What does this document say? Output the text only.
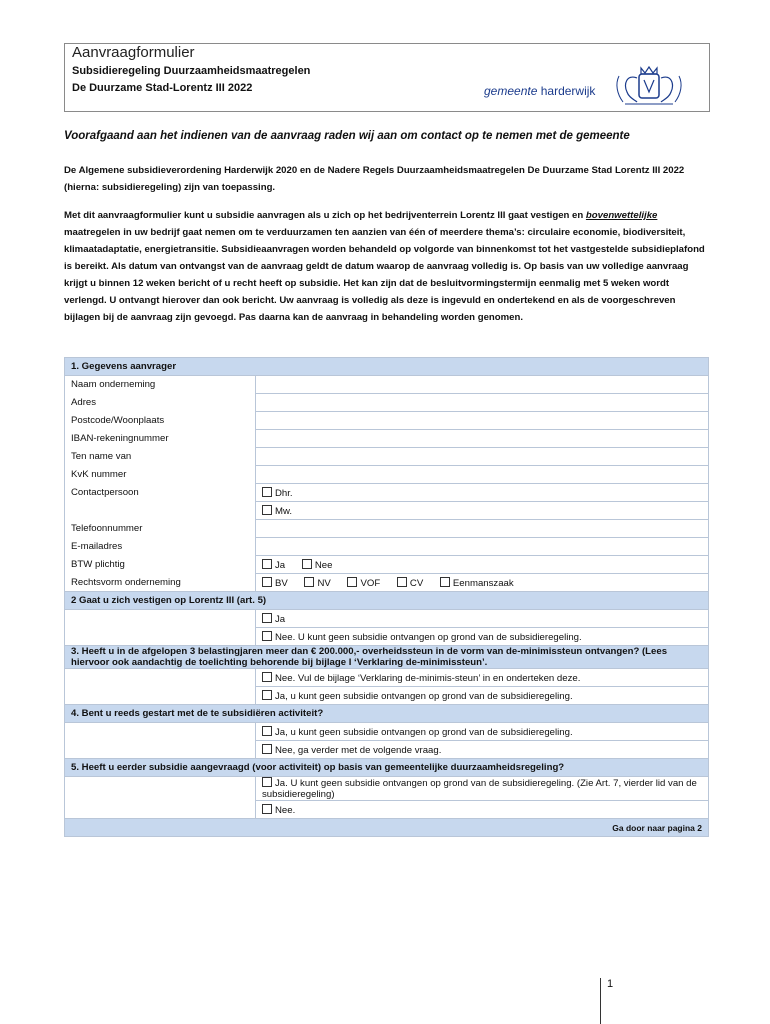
Aanvraagformulier
Subsidieregeling Duurzaamheidsmaatregelen
De Duurzame Stad-Lorentz III 2022	gemeente harderwijk
Voorafgaand aan het indienen van de aanvraag raden wij aan om contact op te nemen met de gemeente
De Algemene subsidieverordening Harderwijk 2020 en de Nadere Regels Duurzaamheidsmaatregelen De Duurzame Stad Lorentz III 2022 (hierna: subsidieregeling) zijn van toepassing.
Met dit aanvraagformulier kunt u subsidie aanvragen als u zich op het bedrijventerrein Lorentz III gaat vestigen en bovenwettelijke maatregelen in uw bedrijf gaat nemen om te verduurzamen ten aanzien van één of meerdere thema’s: circulaire economie, biodiversiteit, klimaatadaptatie, energietransitie. Subsidieaanvragen worden behandeld op volgorde van binnenkomst tot het vastgestelde subsidieplafond is bereikt. Als datum van ontvangst van de aanvraag geldt de datum waarop de aanvraag volledig is. Op basis van uw volledige aanvraag krijgt u binnen 12 weken bericht of u recht heeft op subsidie. Het kan zijn dat de besluitvormingstermijn eenmalig met 5 weken wordt verlengd. U ontvangt hierover dan ook bericht. Uw aanvraag is volledig als deze is ingevuld en ondertekend en als de voorgeschreven bijlagen bij de aanvraag zijn gevoegd. Pas daarna kan de aanvraag in behandeling worden genomen.
1. Gegevens aanvrager	
Naam onderneming	
Adres	
Postcode/Woonplaats	
IBAN-rekeningnummer	
Ten name van	
KvK nummer	
Contactpersoon	Dhr.
	Mw.
Telefoonnummer	
E-mailadres	
BTW plichtig	Ja Nee
Rechtsvorm onderneming	BV NV VOF CV Eenmanszaak
2 Gaat u zich vestigen op Lorentz III (art. 5)	
	Ja
	Nee. U kunt geen subsidie ontvangen op grond van de subsidieregeling.
3. Heeft u in de afgelopen 3 belastingjaren meer dan € 200.000,- overheidssteun in de vorm van de-minimissteun ontvangen? (Lees hiervoor ook aandachtig de toelichting behorende bij bijlage I ‘Verklaring de-minimissteun’.	
	Nee. Vul de bijlage ‘Verklaring de-minimis-steun’ in en onderteken deze.
	Ja, u kunt geen subsidie ontvangen op grond van de subsidieregeling.
4. Bent u reeds gestart met de te subsidiëren activiteit?	
	Ja, u kunt geen subsidie ontvangen op grond van de subsidieregeling.
	Nee, ga verder met de volgende vraag.
5. Heeft u eerder subsidie aangevraagd (voor activiteit) op basis van gemeentelijke duurzaamheidsregeling?	
	Ja. U kunt geen subsidie ontvangen op grond van de subsidieregeling. (Zie Art. 7, vierder lid van de subsidieregeling)
	Nee.
Ga door naar pagina 2	
1
